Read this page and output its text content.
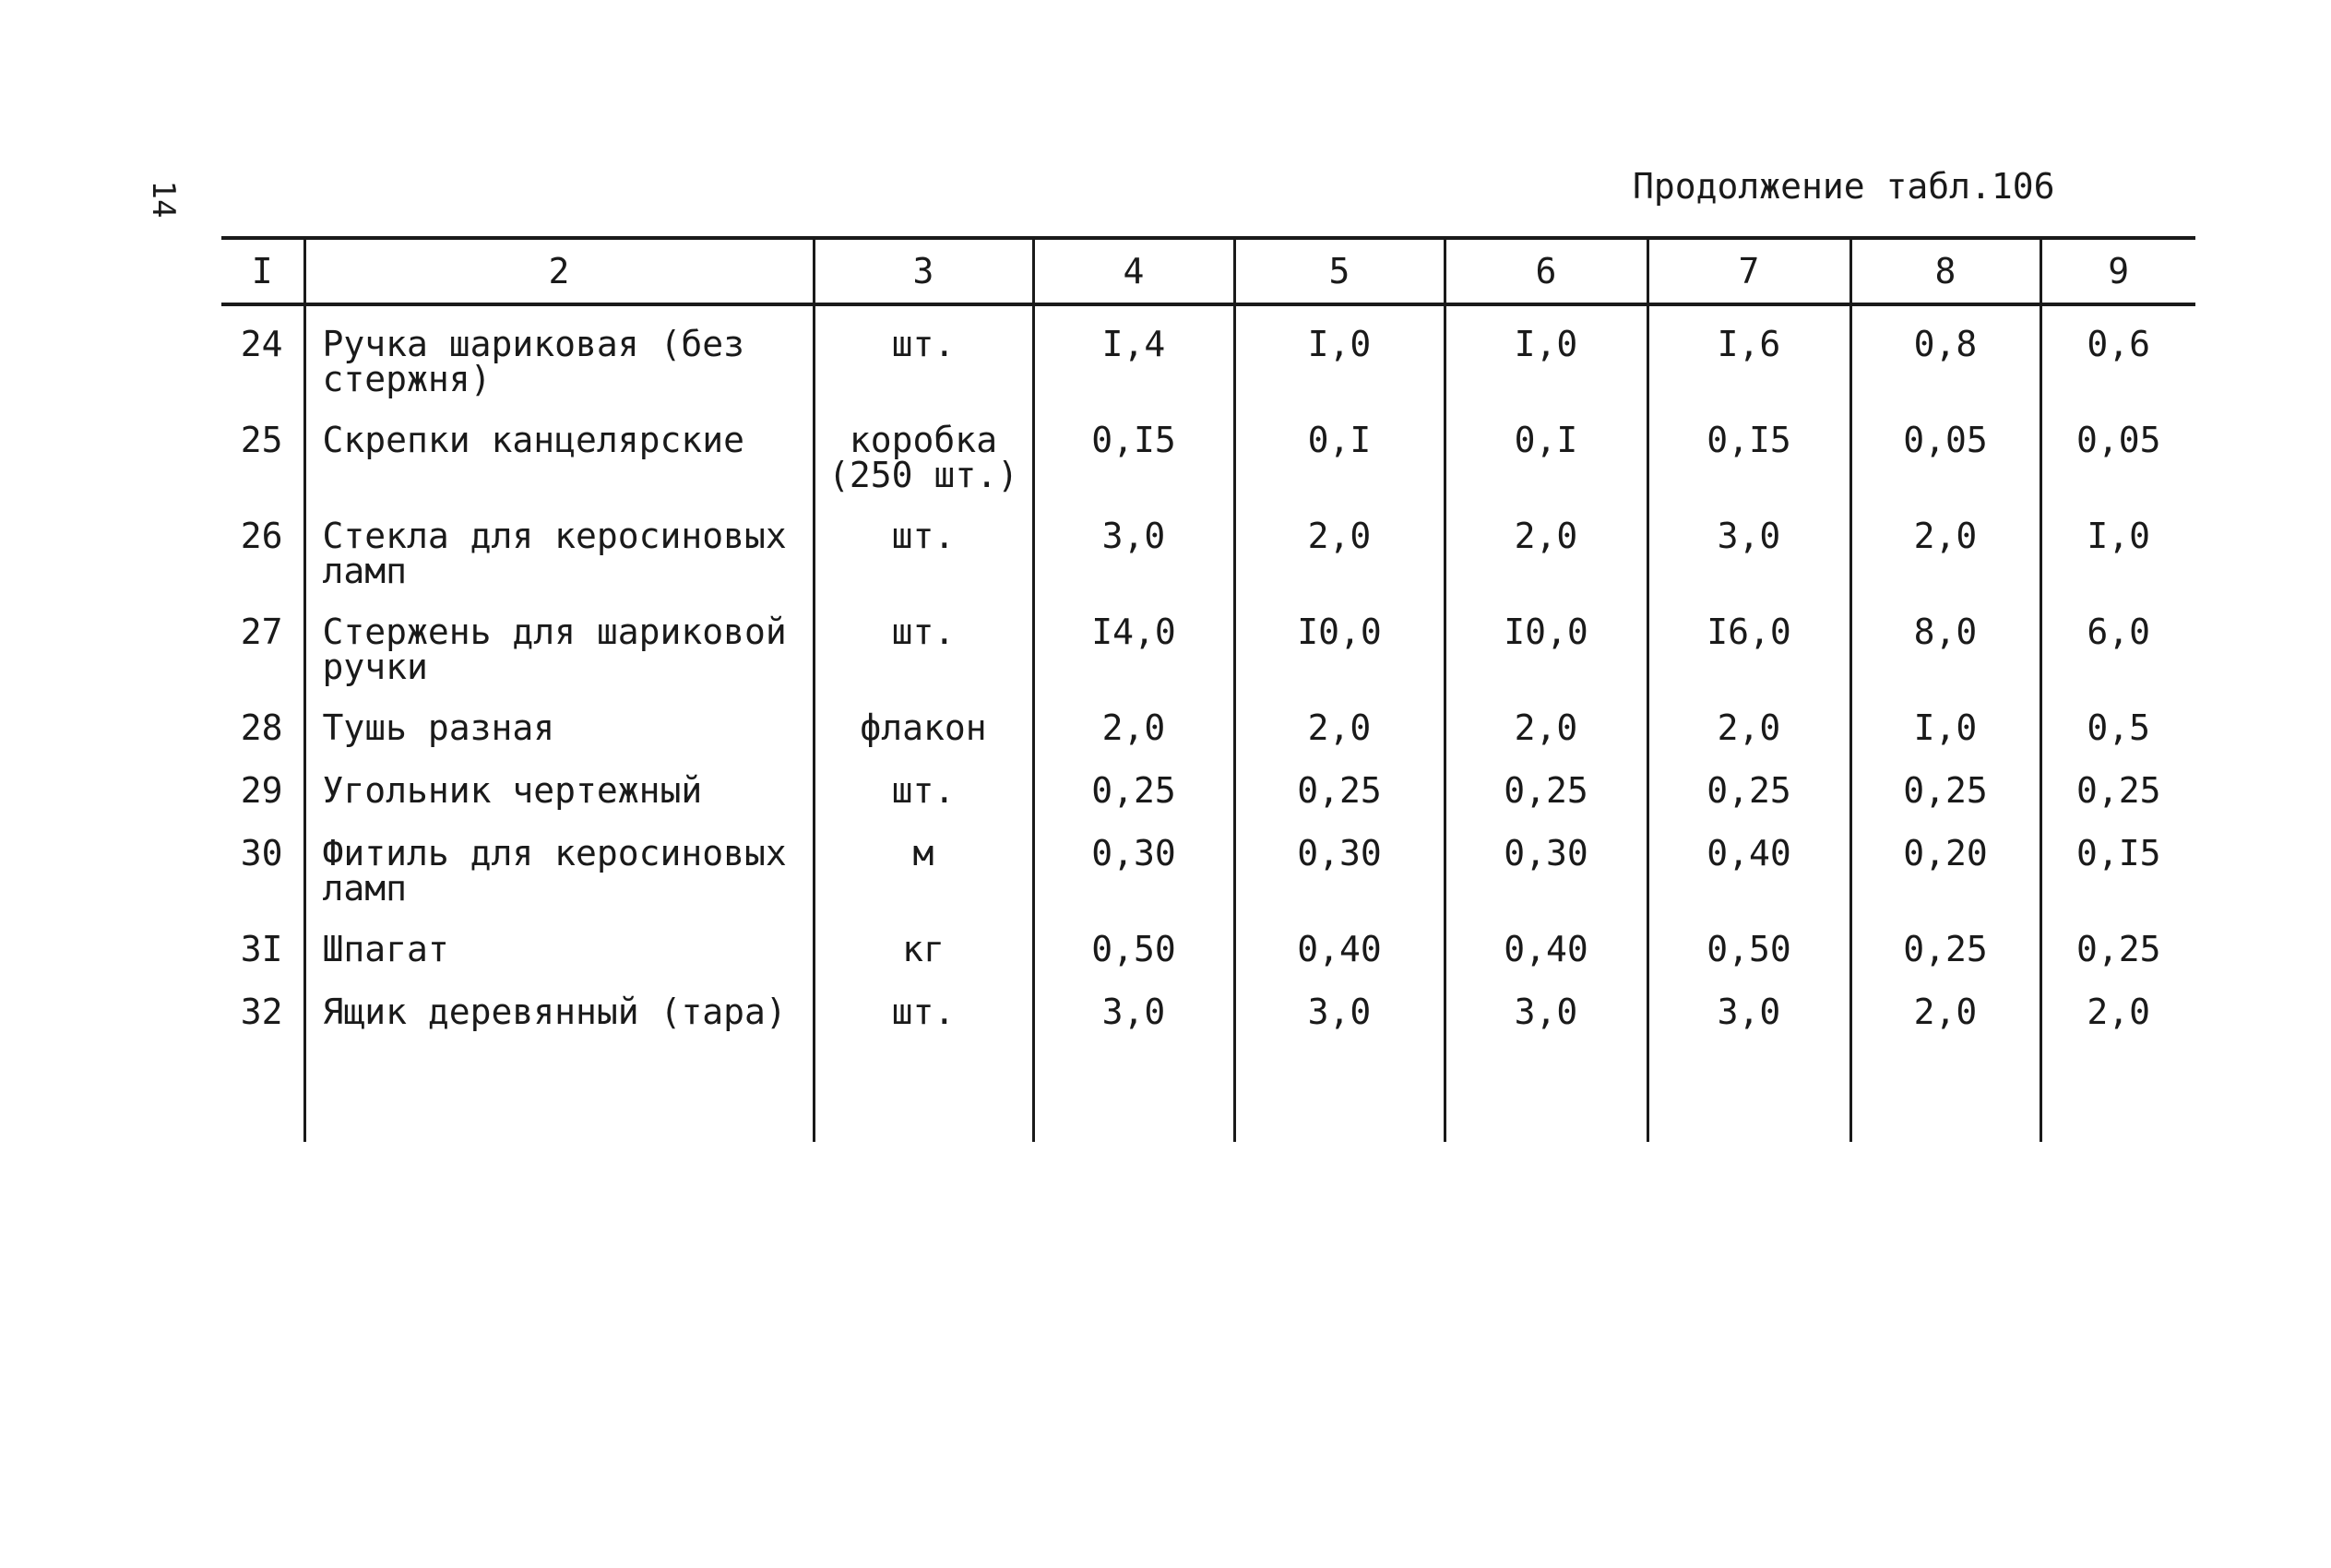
14	Продолжение табл.106
I	2	3	4	5	6	7	8	9
24	Ручка шариковая (без стержня)	шт.	I,4	I,0	I,0	I,6	0,8	0,6
25	Скрепки канцелярские	коробка (250 шт.)	0,I5	0,I	0,I	0,I5	0,05	0,05
26	Стекла для керосиновых ламп	шт.	3,0	2,0	2,0	3,0	2,0	I,0
27	Стержень для шариковой ручки	шт.	I4,0	I0,0	I0,0	I6,0	8,0	6,0
28	Тушь разная	флакон	2,0	2,0	2,0	2,0	I,0	0,5
29	Угольник чертежный	шт.	0,25	0,25	0,25	0,25	0,25	0,25
30	Фитиль для керосиновых ламп	м	0,30	0,30	0,30	0,40	0,20	0,I5
3I	Шпагат	кг	0,50	0,40	0,40	0,50	0,25	0,25
32	Ящик деревянный (тара)	шт.	3,0	3,0	3,0	3,0	2,0	2,0
